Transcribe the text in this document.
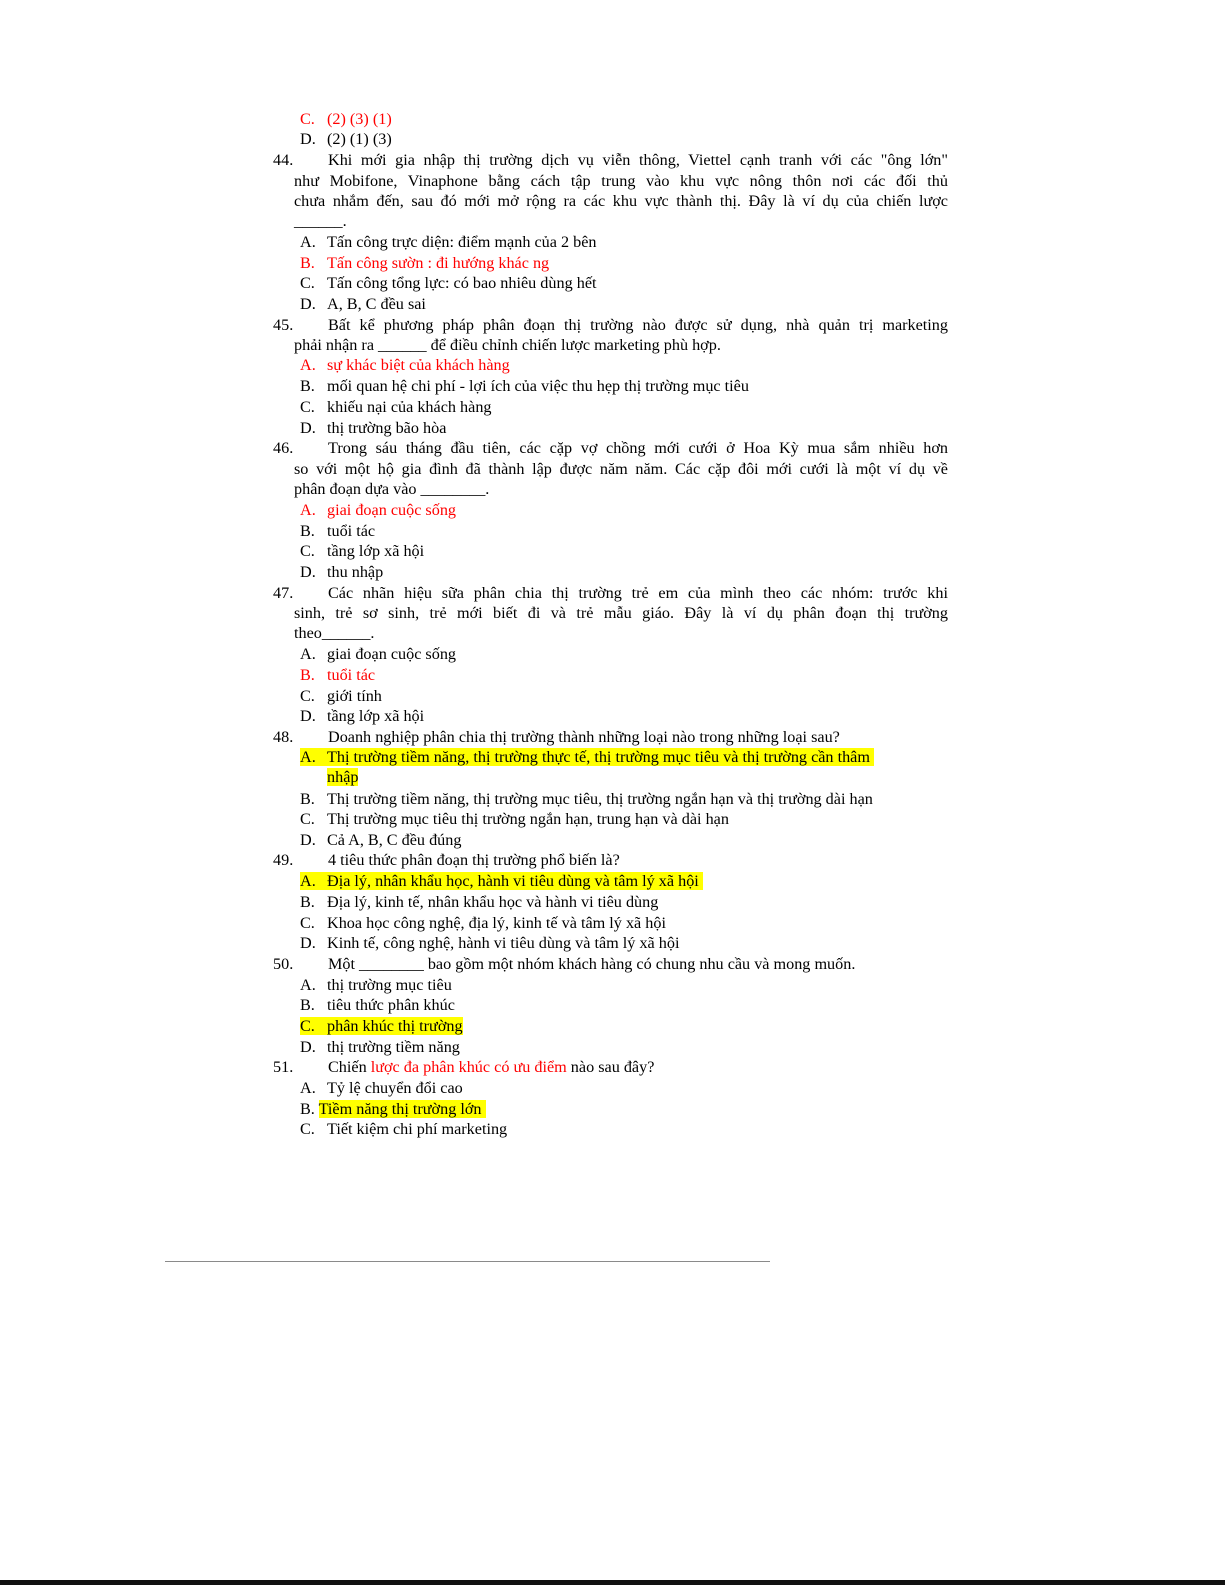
C. (2) (3) (1)
D. (2) (1) (3)
44. Khi mới gia nhập thị trường dịch vụ viễn thông, Viettel cạnh tranh với các "ông lớn"
như Mobifone, Vinaphone bằng cách tập trung vào khu vực nông thôn nơi các đối thủ
chưa nhắm đến, sau đó mới mở rộng ra các khu vực thành thị. Đây là ví dụ của chiến lược
______.
A. Tấn công trực diện: điểm mạnh của 2 bên
B. Tấn công sườn : đi hướng khác ng
C. Tấn công tổng lực: có bao nhiêu dùng hết
D. A, B, C đều sai
45. Bất kể phương pháp phân đoạn thị trường nào được sử dụng, nhà quản trị marketing
phải nhận ra ______ để điều chỉnh chiến lược marketing phù hợp.
A. sự khác biệt của khách hàng
B. mối quan hệ chi phí - lợi ích của việc thu hẹp thị trường mục tiêu
C. khiếu nại của khách hàng
D. thị trường bão hòa
46. Trong sáu tháng đầu tiên, các cặp vợ chồng mới cưới ở Hoa Kỳ mua sắm nhiều hơn
so với một hộ gia đình đã thành lập được năm năm. Các cặp đôi mới cưới là một ví dụ về
phân đoạn dựa vào ________.
A. giai đoạn cuộc sống
B. tuổi tác
C. tầng lớp xã hội
D. thu nhập
47. Các nhãn hiệu sữa phân chia thị trường trẻ em của mình theo các nhóm: trước khi
sinh, trẻ sơ sinh, trẻ mới biết đi và trẻ mẫu giáo. Đây là ví dụ phân đoạn thị trường
theo______.
A. giai đoạn cuộc sống
B. tuổi tác
C. giới tính
D. tầng lớp xã hội
48. Doanh nghiệp phân chia thị trường thành những loại nào trong những loại sau?
A. Thị trường tiềm năng, thị trường thực tế, thị trường mục tiêu và thị trường cần thâm
nhập
B. Thị trường tiềm năng, thị trường mục tiêu, thị trường ngắn hạn và thị trường dài hạn
C. Thị trường mục tiêu thị trường ngắn hạn, trung hạn và dài hạn
D. Cả A, B, C đều đúng
49. 4 tiêu thức phân đoạn thị trường phổ biến là?
A. Địa lý, nhân khẩu học, hành vi tiêu dùng và tâm lý xã hội
B. Địa lý, kinh tế, nhân khẩu học và hành vi tiêu dùng
C. Khoa học công nghệ, địa lý, kinh tế và tâm lý xã hội
D. Kinh tế, công nghệ, hành vi tiêu dùng và tâm lý xã hội
50. Một ________ bao gồm một nhóm khách hàng có chung nhu cầu và mong muốn.
A. thị trường mục tiêu
B. tiêu thức phân khúc
C. phân khúc thị trường
D. thị trường tiềm năng
51. Chiến lược đa phân khúc có ưu điểm nào sau đây?
A. Tỷ lệ chuyển đổi cao
B. Tiềm năng thị trường lớn
C. Tiết kiệm chi phí marketing
